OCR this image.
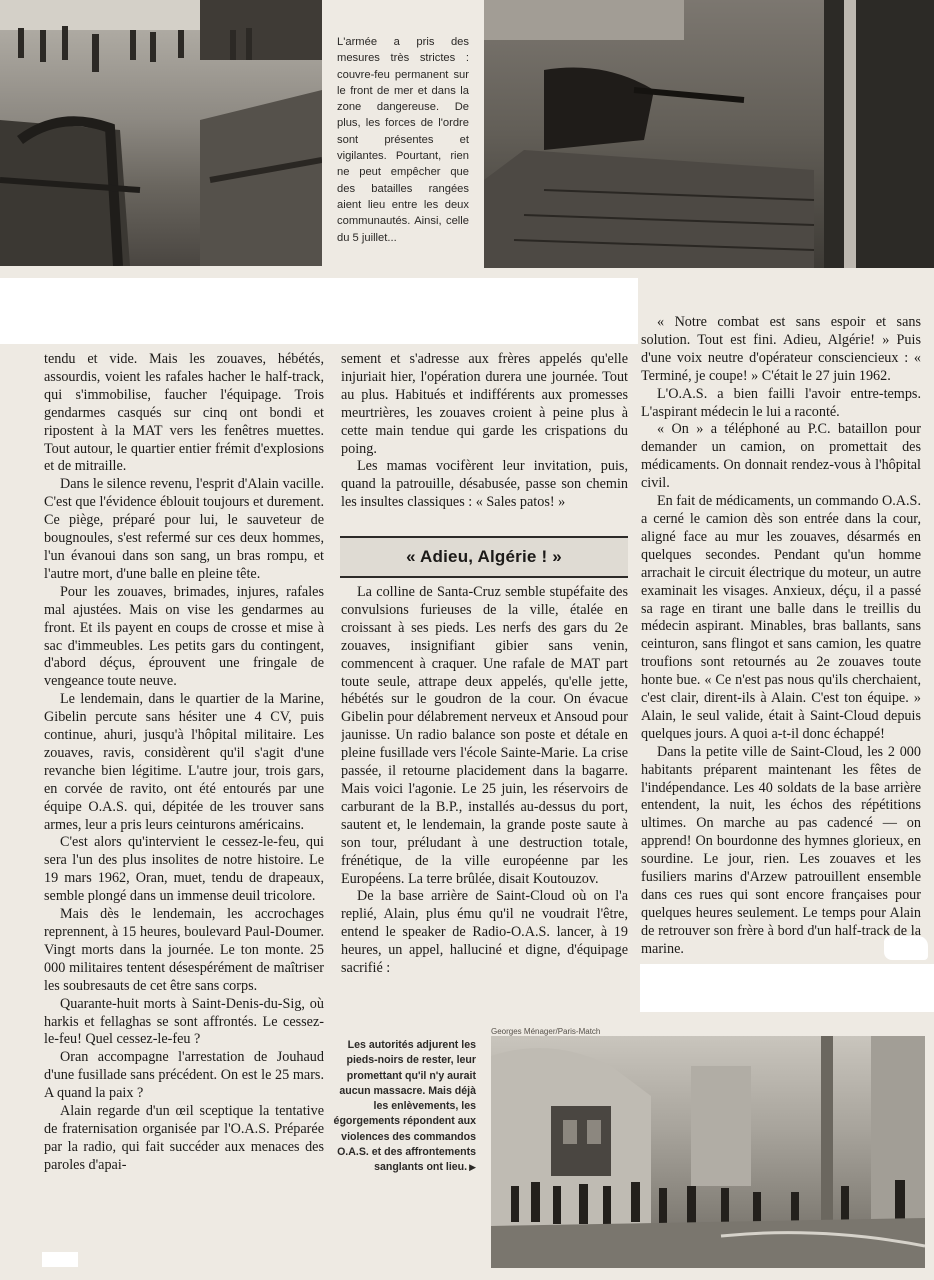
L'armée a pris des mesures très strictes : couvre-feu permanent sur le front de mer et dans la zone dangereuse. De plus, les forces de l'ordre sont présentes et vigilantes. Pourtant, rien ne peut empêcher que des batailles rangées aient lieu entre les deux communautés. Ainsi, celle du 5 juillet...

tendu et vide. Mais les zouaves, hébétés, assourdis, voient les rafales hacher le half-track, qui s'immobilise, faucher l'équipage. Trois gendarmes casqués sur cinq ont bondi et ripostent à la MAT vers les fenêtres muettes. Tout autour, le quartier entier frémit d'explosions et de mitraille.

Dans le silence revenu, l'esprit d'Alain vacille. C'est que l'évidence éblouit toujours et durement. Ce piège, préparé pour lui, le sauveteur de bougnoules, s'est refermé sur ces deux hommes, l'un évanoui dans son sang, un bras rompu, et l'autre mort, d'une balle en pleine tête.

Pour les zouaves, brimades, injures, rafales mal ajustées. Mais on vise les gendarmes au front. Et ils payent en coups de crosse et mise à sac d'immeubles. Les petits gars du contingent, d'abord déçus, éprouvent une fringale de vengeance toute neuve.

Le lendemain, dans le quartier de la Marine, Gibelin percute sans hésiter une 4 CV, puis continue, ahuri, jusqu'à l'hôpital militaire. Les zouaves, ravis, considèrent qu'il s'agit d'une revanche bien légitime. L'autre jour, trois gars, en corvée de ravito, ont été entourés par une équipe O.A.S. qui, dépitée de les trouver sans armes, leur a pris leurs ceinturons américains.

C'est alors qu'intervient le cessez-le-feu, qui sera l'un des plus insolites de notre histoire. Le 19 mars 1962, Oran, muet, tendu de drapeaux, semble plongé dans un immense deuil tricolore.

Mais dès le lendemain, les accrochages reprennent, à 15 heures, boulevard Paul-Doumer. Vingt morts dans la journée. Le ton monte. 25 000 militaires tentent désespérément de maîtriser les soubresauts de cet être sans corps.

Quarante-huit morts à Saint-Denis-du-Sig, où harkis et fellaghas se sont affrontés. Le cessez-le-feu! Quel cessez-le-feu ?

Oran accompagne l'arrestation de Jouhaud d'une fusillade sans précédent. On est le 25 mars. A quand la paix ?

Alain regarde d'un œil sceptique la tentative de fraternisation organisée par l'O.A.S. Préparée par la radio, qui fait succéder aux menaces des paroles d'apai-

sement et s'adresse aux frères appelés qu'elle injuriait hier, l'opération durera une journée. Tout au plus. Habitués et indifférents aux promesses meurtrières, les zouaves croient à peine plus à cette main tendue qui garde les crispations du poing.

Les mamas vocifèrent leur invitation, puis, quand la patrouille, désabusée, passe son chemin les insultes classiques : « Sales patos! »

« Adieu, Algérie ! »

La colline de Santa-Cruz semble stupéfaite des convulsions furieuses de la ville, étalée en croissant à ses pieds. Les nerfs des gars du 2e zouaves, insignifiant gibier sans venin, commencent à craquer. Une rafale de MAT part toute seule, attrape deux appelés, qu'elle jette, hébétés sur le goudron de la cour. On évacue Gibelin pour délabrement nerveux et Ansoud pour jaunisse. Un radio balance son poste et détale en pleine fusillade vers l'école Sainte-Marie. La crise passée, il retourne placidement dans la bagarre. Mais voici l'agonie. Le 25 juin, les réservoirs de carburant de la B.P., installés au-dessus du port, sautent et, le lendemain, la grande poste saute à son tour, préludant à une destruction totale, frénétique, de la ville européenne par les Européens. La terre brûlée, disait Koutouzov.

De la base arrière de Saint-Cloud où on l'a replié, Alain, plus ému qu'il ne voudrait l'être, entend le speaker de Radio-O.A.S. lancer, à 19 heures, un appel, halluciné et digne, d'équipage sacrifié :

« Notre combat est sans espoir et sans solution. Tout est fini. Adieu, Algérie! » Puis d'une voix neutre d'opérateur consciencieux : « Terminé, je coupe! » C'était le 27 juin 1962.

L'O.A.S. a bien failli l'avoir entre-temps. L'aspirant médecin le lui a raconté.

« On » a téléphoné au P.C. bataillon pour demander un camion, on promettait des médicaments. On donnait rendez-vous à l'hôpital civil.

En fait de médicaments, un commando O.A.S. a cerné le camion dès son entrée dans la cour, aligné face au mur les zouaves, désarmés en quelques secondes. Pendant qu'un homme arrachait le circuit électrique du moteur, un autre examinait les visages. Anxieux, déçu, il a passé sa rage en tirant une balle dans le treillis du médecin aspirant. Minables, bras ballants, sans ceinturon, sans flingot et sans camion, les quatre troufions sont retournés au 2e zouaves toute honte bue. « Ce n'est pas nous qu'ils cherchaient, c'est clair, dirent-ils à Alain. C'est ton équipe. » Alain, le seul valide, était à Saint-Cloud depuis quelques jours. A quoi a-t-il donc échappé!

Dans la petite ville de Saint-Cloud, les 2 000 habitants préparent maintenant les fêtes de l'indépendance. Les 40 soldats de la base arrière entendent, la nuit, les échos des répétitions ultimes. On marche au pas cadencé — on apprend! On bourdonne des hymnes glorieux, en sourdine. Le jour, rien. Les zouaves et les fusiliers marins d'Arzew patrouillent ensemble dans ces rues qui sont encore françaises pour quelques heures seulement. Le temps pour Alain de retrouver son frère à bord d'un half-track de la marine.

Georges Ménager/Paris-Match
Les autorités adjurent les pieds-noirs de rester, leur promettant qu'il n'y aurait aucun massacre. Mais déjà les enlèvements, les égorgements répondent aux violences des commandos O.A.S. et des affrontements sanglants ont lieu. ▶
